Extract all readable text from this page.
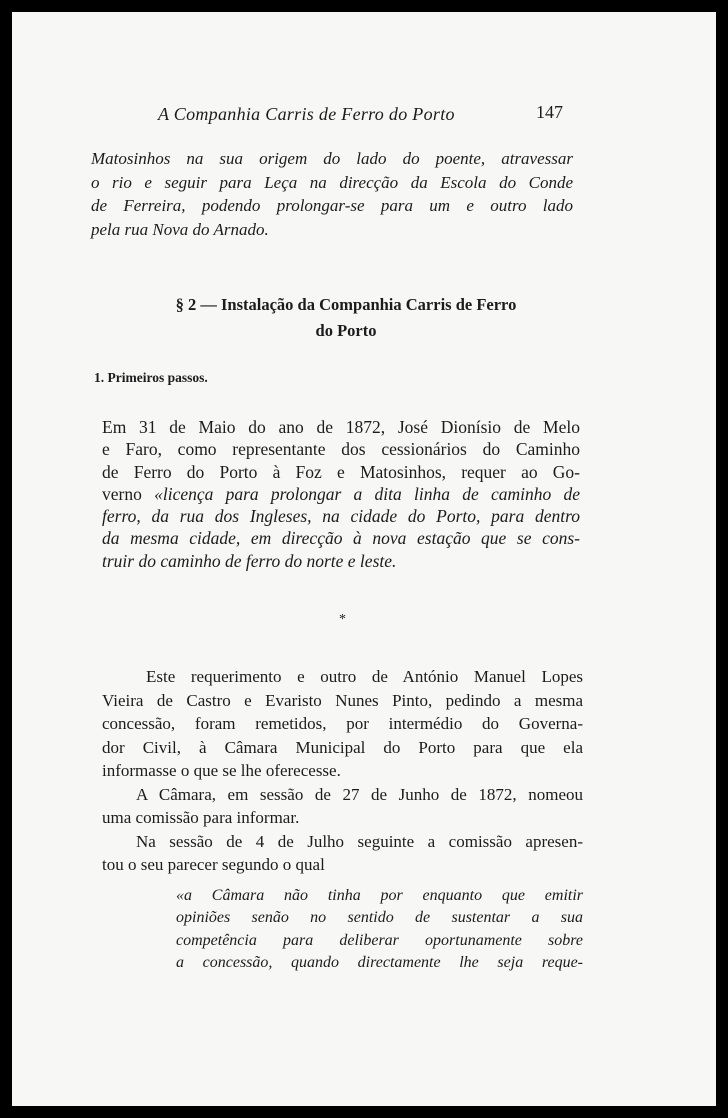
A Companhia Carris de Ferro do Porto	147

Matosinhos na sua origem do lado do poente, atravessar
o rio e seguir para Leça na direcção da Escola do Conde
de Ferreira, podendo prolongar-se para um e outro lado
pela rua Nova do Arnado.

§ 2 — Instalação da Companhia Carris de Ferro
do Porto
1. Primeiros passos.

Em 31 de Maio do ano de 1872, José Dionísio de Melo
e Faro, como representante dos cessionários do Caminho
de Ferro do Porto à Foz e Matosinhos, requer ao Go-
verno «licença para prolongar a dita linha de caminho de
ferro, da rua dos Ingleses, na cidade do Porto, para dentro
da mesma cidade, em direcção à nova estação que se cons-
truir do caminho de ferro do norte e leste.

*

Este requerimento e outro de António Manuel Lopes
Vieira de Castro e Evaristo Nunes Pinto, pedindo a mesma
concessão, foram remetidos, por intermédio do Governa-
dor Civil, à Câmara Municipal do Porto para que ela
informasse o que se lhe oferecesse.
A Câmara, em sessão de 27 de Junho de 1872, nomeou
uma comissão para informar.
Na sessão de 4 de Julho seguinte a comissão apresen-
tou o seu parecer segundo o qual

«a Câmara não tinha por enquanto que emitir
opiniões senão no sentido de sustentar a sua
competência para deliberar oportunamente sobre
a concessão, quando directamente lhe seja reque-
